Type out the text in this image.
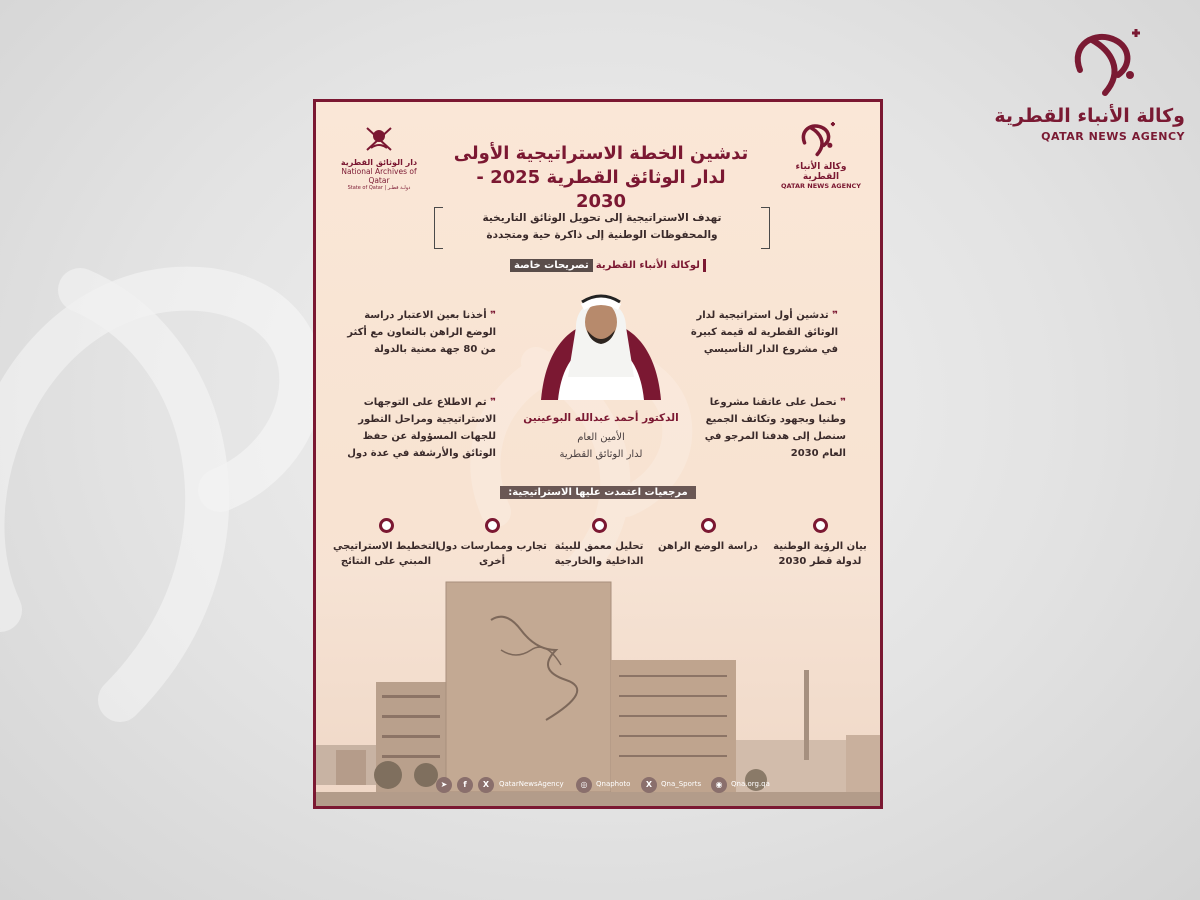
وكالة الأنباء القطرية
QATAR NEWS AGENCY
دار الوثائق القطرية
National Archives of Qatar
State of Qatar | دولـة قطـر
وكالة الأنباء القطرية
QATAR NEWS AGENCY
تدشين الخطة الاستراتيجية الأولى
لدار الوثائق القطرية 2025 - 2030
تهدف الاستراتيجية إلى تحويل الوثائق التاريخية
والمحفوظات الوطنية إلى ذاكرة حية ومتجددة
لوكالة الأنباء القطريةتصريحات خاصة
❞ تدشين أول استراتيجية لدار الوثائق القطرية له قيمة كبيرة في مشروع الدار التأسيسي
❞ أخذنا بعين الاعتبار دراسة الوضع الراهن بالتعاون مع أكثر من 80 جهة معنية بالدولة
❞ نحمل على عاتقنا مشروعا وطنيا وبجهود وتكاتف الجميع سنصل إلى هدفنا المرجو في العام 2030
❞ تم الاطلاع على التوجهات الاستراتيجية ومراحل التطور للجهات المسؤولة عن حفظ الوثائق والأرشفة في عدة دول
الدكتور أحمد عبدالله البوعينين
الأمين العام
لدار الوثائق القطرية
مرجعيات اعتمدت عليها الاستراتيجية:
بيان الرؤية الوطنية لدولة قطر 2030
دراسة الوضع الراهن
تحليل معمق للبيئة الداخلية والخارجية
تجارب وممارسات دول أخرى
التخطيط الاستراتيجي المبني على النتائج
➤	f	X	QatarNewsAgency	◎	Qnaphoto	X	Qna_Sports	◉	Qna.org.qa
